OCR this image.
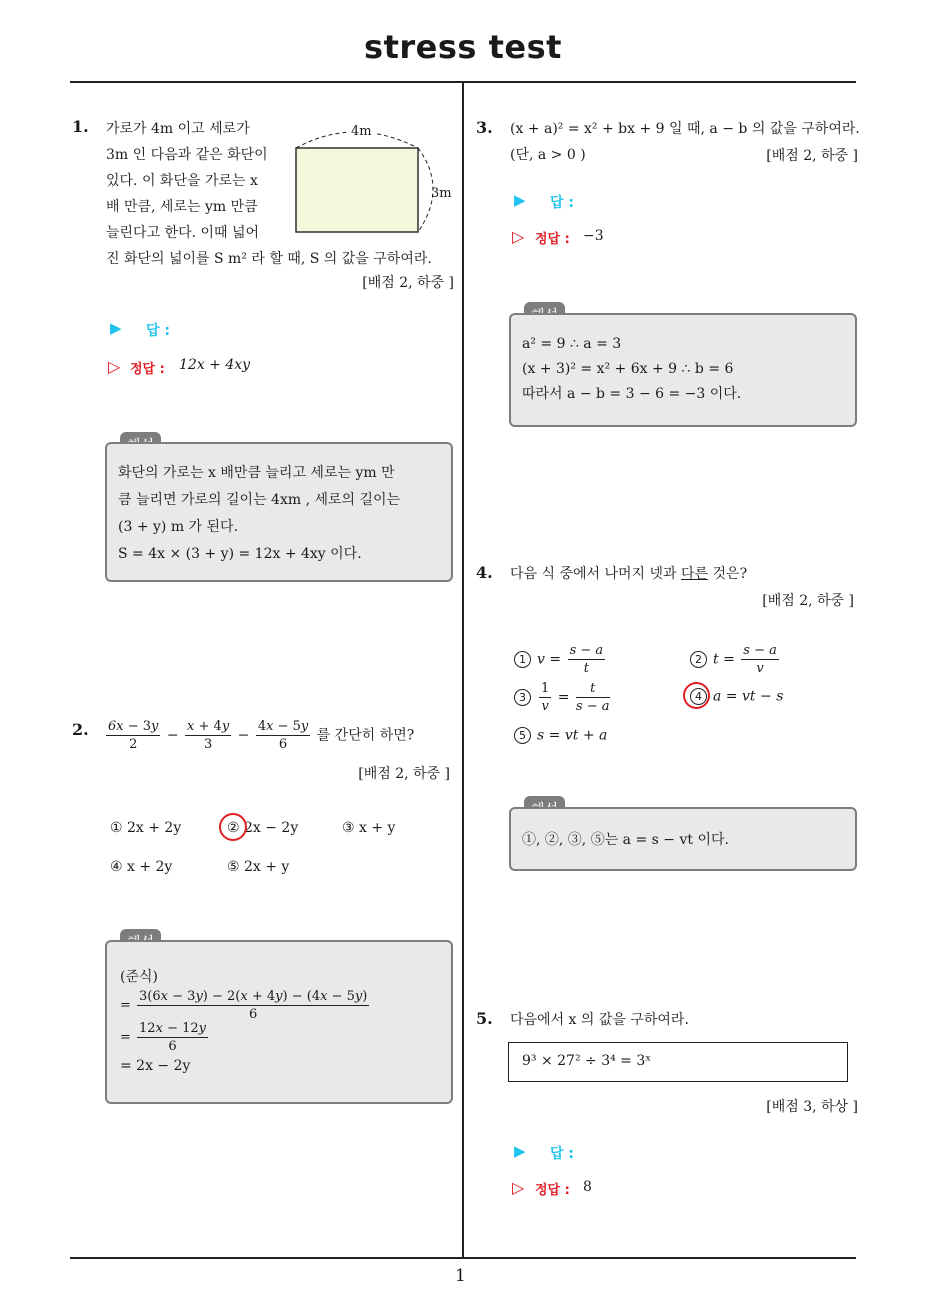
stress test
1
1. 가로가 4m 이고 세로가
3m 인 다음과 같은 화단이
있다. 이 화단을 가로는 x
배 만큼, 세로는 ym 만큼
늘린다고 한다. 이때 넓어
진 화단의 넓이를 S m² 라 할 때, S 의 값을 구하여라.
[배점 2, 하중 ]
4m
3m
▶ 답 :
▷ 정답 : 12x + 4xy
화단의 가로는 x 배만큼 늘리고 세로는 ym 만
큼 늘리면 가로의 길이는 4xm , 세로의 길이는
(3 + y) m 가 된다.
S = 4x × (3 + y) = 12x + 4xy 이다.
2. $\frac{6x - 3y}{2} - \frac{x + 4y}{3} - \frac{4x - 5y}{6}$ 를 간단히 하면?
[배점 2, 하중 ]
① 2x + 2y	② 2x − 2y	③ x + y
④ x + 2y	⑤ 2x + y
(준식)
= $\frac{3(6x - 3y) - 2(x + 4y) - (4x - 5y)}{6}$
= $\frac{12x - 12y}{6}$
= 2x − 2y
3. (x + a)² = x² + bx + 9 일 때, a − b 의 값을 구하여라.
(단, a > 0 )	[배점 2, 하중 ]
▶ 답 :
▷ 정답 : −3
a² = 9 ∴ a = 3
(x + 3)² = x² + 6x + 9 ∴ b = 6
따라서 a − b = 3 − 6 = −3 이다.
4. 다음 식 중에서 나머지 넷과 다른 것은?
[배점 2, 하중 ]
1 $v = \frac{s - a}{t}$	2 $t = \frac{s - a}{v}$
$3 \frac{1}{v} = \frac{t}{s - a}$	4 a = vt − s
5 s = vt + a
①, ②, ③, ⑤는 a = s − vt 이다.
5. 다음에서 x 의 값을 구하여라.
9³ × 27² ÷ 3⁴ = 3ˣ
[배점 3, 하상 ]
▶ 답 :
▷ 정답 : 8
